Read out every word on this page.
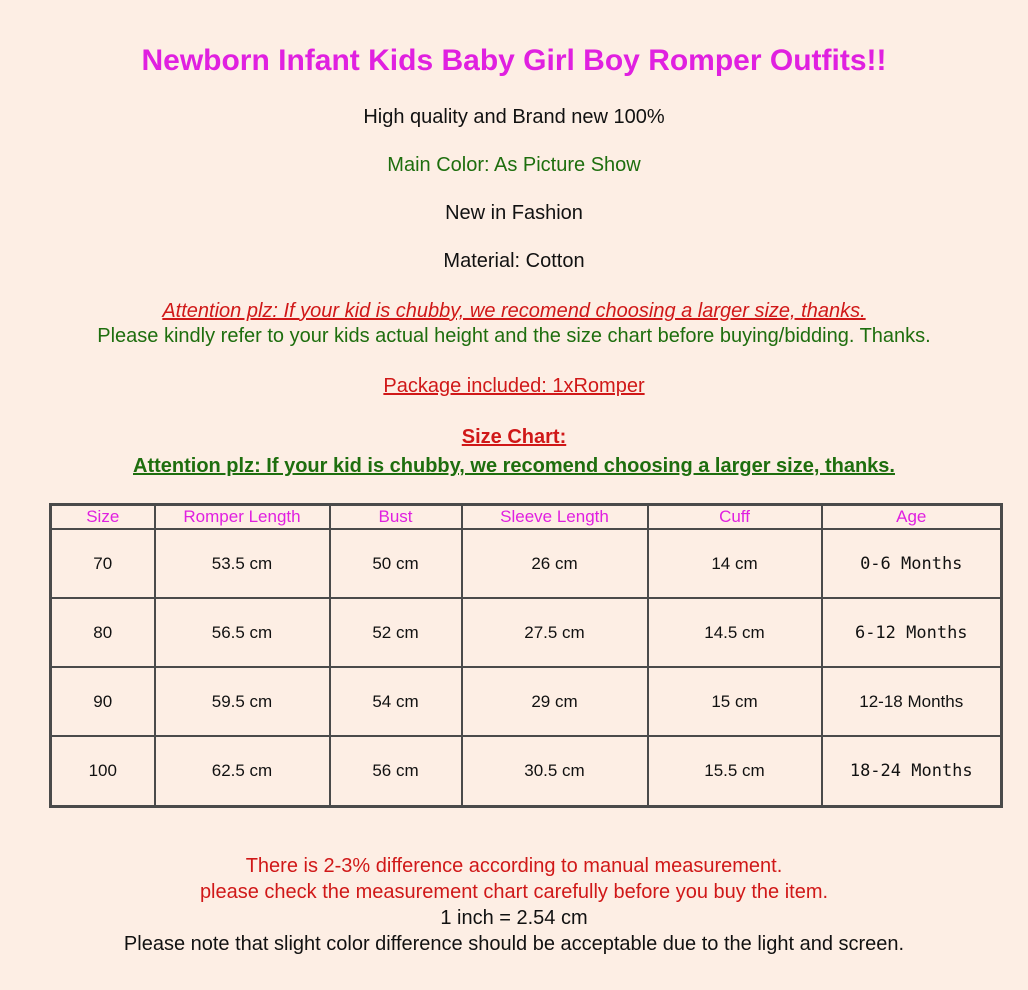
Newborn Infant Kids Baby Girl Boy Romper Outfits!!
High quality and Brand new 100%
Main Color: As Picture Show
New in Fashion
Material: Cotton
Attention plz: If your kid is chubby, we recomend choosing a larger size, thanks.
Please kindly refer to your kids actual height and the size chart before buying/bidding. Thanks.
Package included: 1xRomper
Size Chart:
Attention plz: If your kid is chubby, we recomend choosing a larger size, thanks.
Size	Romper Length	Bust	Sleeve Length	Cuff	Age
70	53.5 cm	50 cm	26 cm	14 cm	0-6 Months
80	56.5 cm	52 cm	27.5 cm	14.5 cm	6-12 Months
90	59.5 cm	54 cm	29 cm	15 cm	12-18 Months
100	62.5 cm	56 cm	30.5 cm	15.5 cm	18-24 Months
There is 2-3% difference according to manual measurement.
please check the measurement chart carefully before you buy the item.
1 inch = 2.54 cm
Please note that slight color difference should be acceptable due to the light and screen.
